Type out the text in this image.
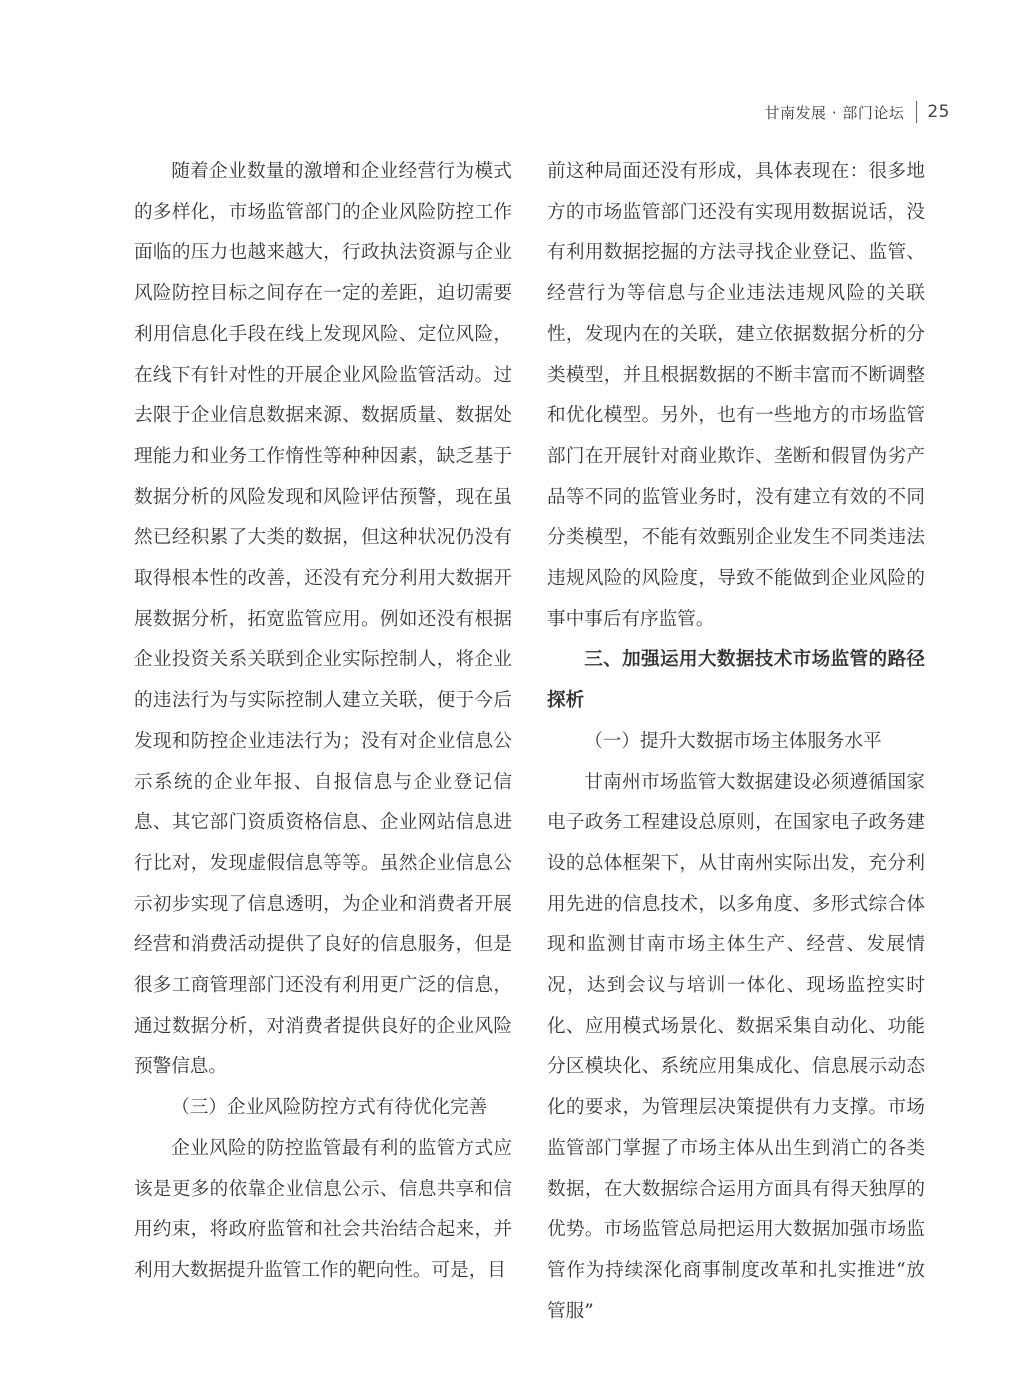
甘南发展 · 部门论坛 25

随着企业数量的激增和企业经营行为模式的多样化，市场监管部门的企业风险防控工作面临的压力也越来越大，行政执法资源与企业风险防控目标之间存在一定的差距，迫切需要利用信息化手段在线上发现风险、定位风险，在线下有针对性的开展企业风险监管活动。过去限于企业信息数据来源、数据质量、数据处理能力和业务工作惰性等种种因素，缺乏基于数据分析的风险发现和风险评估预警，现在虽然已经积累了大类的数据，但这种状况仍没有取得根本性的改善，还没有充分利用大数据开展数据分析，拓宽监管应用。例如还没有根据企业投资关系关联到企业实际控制人，将企业的违法行为与实际控制人建立关联，便于今后发现和防控企业违法行为；没有对企业信息公示系统的企业年报、自报信息与企业登记信息、其它部门资质资格信息、企业网站信息进行比对，发现虚假信息等等。虽然企业信息公示初步实现了信息透明，为企业和消费者开展经营和消费活动提供了良好的信息服务，但是很多工商管理部门还没有利用更广泛的信息，通过数据分析，对消费者提供良好的企业风险预警信息。

（三）企业风险防控方式有待优化完善

企业风险的防控监管最有利的监管方式应该是更多的依靠企业信息公示、信息共享和信用约束，将政府监管和社会共治结合起来，并利用大数据提升监管工作的靶向性。可是，目

前这种局面还没有形成，具体表现在：很多地方的市场监管部门还没有实现用数据说话，没有利用数据挖掘的方法寻找企业登记、监管、经营行为等信息与企业违法违规风险的关联性，发现内在的关联，建立依据数据分析的分类模型，并且根据数据的不断丰富而不断调整和优化模型。另外，也有一些地方的市场监管部门在开展针对商业欺诈、垄断和假冒伪劣产品等不同的监管业务时，没有建立有效的不同分类模型，不能有效甄别企业发生不同类违法违规风险的风险度，导致不能做到企业风险的事中事后有序监管。

三、加强运用大数据技术市场监管的路径探析

（一）提升大数据市场主体服务水平

甘南州市场监管大数据建设必须遵循国家电子政务工程建设总原则，在国家电子政务建设的总体框架下，从甘南州实际出发，充分利用先进的信息技术，以多角度、多形式综合体现和监测甘南市场主体生产、经营、发展情况，达到会议与培训一体化、现场监控实时化、应用模式场景化、数据采集自动化、功能分区模块化、系统应用集成化、信息展示动态化的要求，为管理层决策提供有力支撑。市场监管部门掌握了市场主体从出生到消亡的各类数据，在大数据综合运用方面具有得天独厚的优势。市场监管总局把运用大数据加强市场监管作为持续深化商事制度改革和扎实推进“放管服”
